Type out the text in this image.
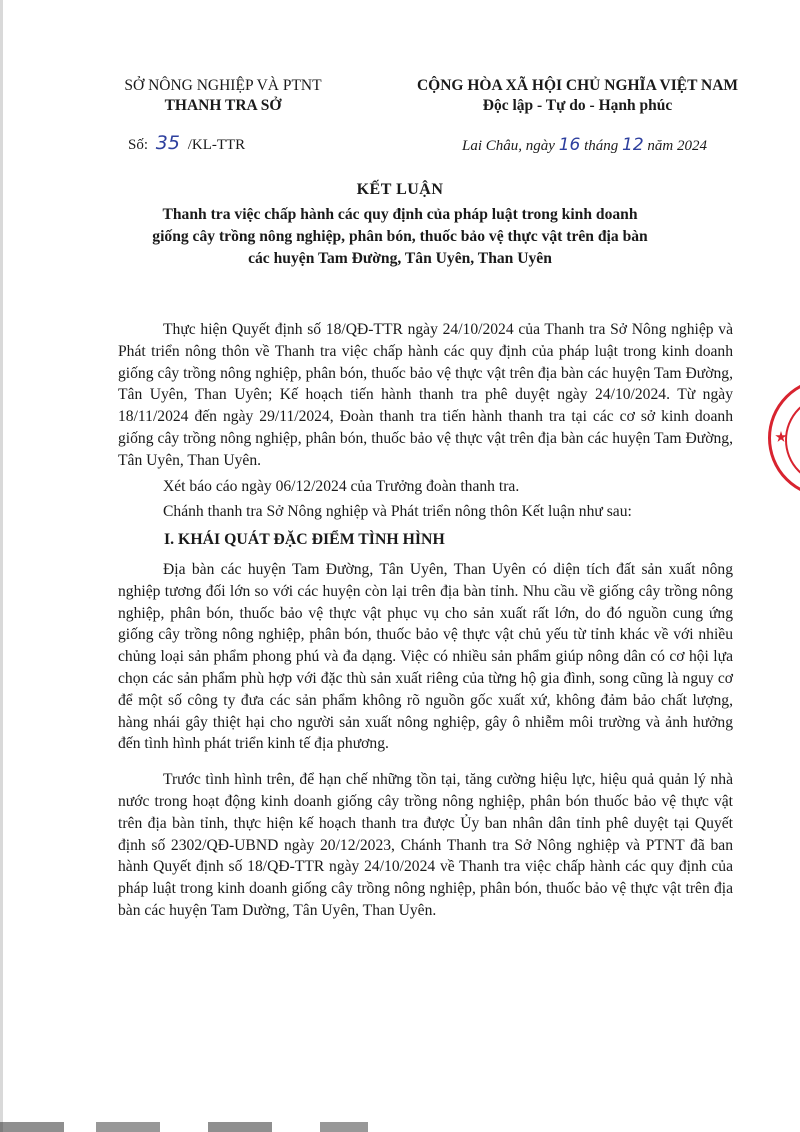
SỞ NÔNG NGHIỆP VÀ PTNT
THANH TRA SỞ
CỘNG HÒA XÃ HỘI CHỦ NGHĨA VIỆT NAM
Độc lập - Tự do - Hạnh phúc
Số: 35 /KL-TTR	Lai Châu, ngày 16 tháng 12 năm 2024
KẾT LUẬN
Thanh tra việc chấp hành các quy định của pháp luật trong kinh doanh
giống cây trồng nông nghiệp, phân bón, thuốc bảo vệ thực vật trên địa bàn
các huyện Tam Đường, Tân Uyên, Than Uyên

Thực hiện Quyết định số 18/QĐ-TTR ngày 24/10/2024 của Thanh tra Sở Nông nghiệp và Phát triển nông thôn về Thanh tra việc chấp hành các quy định của pháp luật trong kinh doanh giống cây trồng nông nghiệp, phân bón, thuốc bảo vệ thực vật trên địa bàn các huyện Tam Đường, Tân Uyên, Than Uyên; Kế hoạch tiến hành thanh tra phê duyệt ngày 24/10/2024. Từ ngày 18/11/2024 đến ngày 29/11/2024, Đoàn thanh tra tiến hành thanh tra tại các cơ sở kinh doanh giống cây trồng nông nghiệp, phân bón, thuốc bảo vệ thực vật trên địa bàn các huyện Tam Đường, Tân Uyên, Than Uyên.

Xét báo cáo ngày 06/12/2024 của Trưởng đoàn thanh tra.

Chánh thanh tra Sở Nông nghiệp và Phát triển nông thôn Kết luận như sau:

I. KHÁI QUÁT ĐẶC ĐIỂM TÌNH HÌNH

Địa bàn các huyện Tam Đường, Tân Uyên, Than Uyên có diện tích đất sản xuất nông nghiệp tương đối lớn so với các huyện còn lại trên địa bàn tỉnh. Nhu cầu về giống cây trồng nông nghiệp, phân bón, thuốc bảo vệ thực vật phục vụ cho sản xuất rất lớn, do đó nguồn cung ứng giống cây trồng nông nghiệp, phân bón, thuốc bảo vệ thực vật chủ yếu từ tỉnh khác về với nhiều chủng loại sản phẩm phong phú và đa dạng. Việc có nhiều sản phẩm giúp nông dân có cơ hội lựa chọn các sản phẩm phù hợp với đặc thù sản xuất riêng của từng hộ gia đình, song cũng là nguy cơ để một số công ty đưa các sản phẩm không rõ nguồn gốc xuất xứ, không đảm bảo chất lượng, hàng nhái gây thiệt hại cho người sản xuất nông nghiệp, gây ô nhiễm môi trường và ảnh hưởng đến tình hình phát triển kinh tế địa phương.

Trước tình hình trên, để hạn chế những tồn tại, tăng cường hiệu lực, hiệu quả quản lý nhà nước trong hoạt động kinh doanh giống cây trồng nông nghiệp, phân bón thuốc bảo vệ thực vật trên địa bàn tỉnh, thực hiện kế hoạch thanh tra được Ủy ban nhân dân tỉnh phê duyệt tại Quyết định số 2302/QĐ-UBND ngày 20/12/2023, Chánh Thanh tra Sở Nông nghiệp và PTNT đã ban hành Quyết định số 18/QĐ-TTR ngày 24/10/2024 về Thanh tra việc chấp hành các quy định của pháp luật trong kinh doanh giống cây trồng nông nghiệp, phân bón, thuốc bảo vệ thực vật trên địa bàn các huyện Tam Dường, Tân Uyên, Than Uyên.
